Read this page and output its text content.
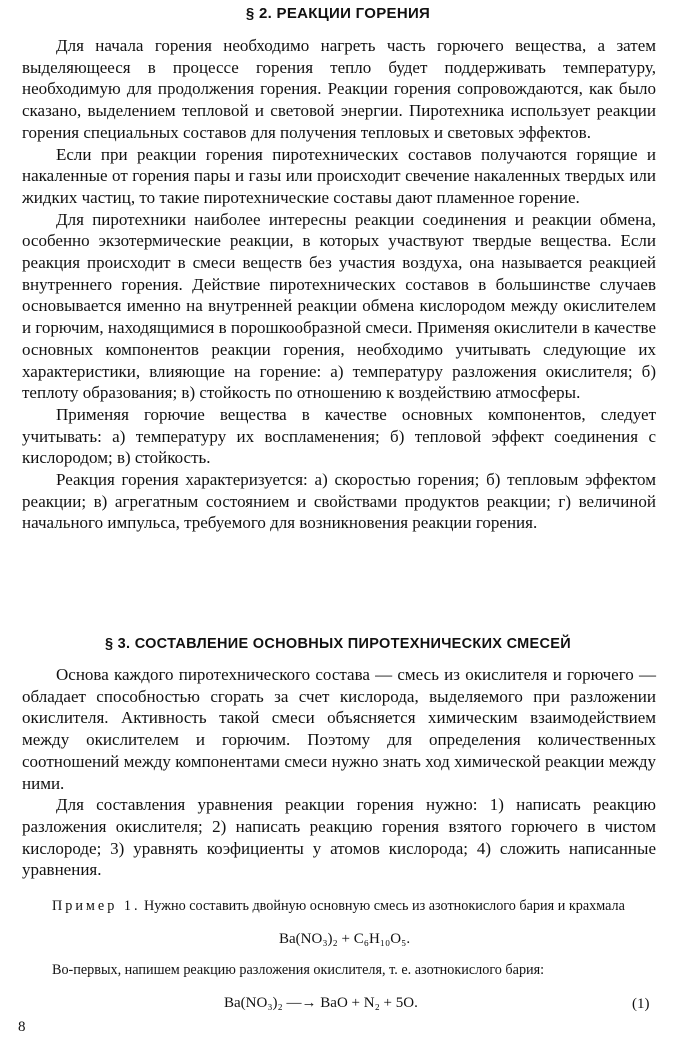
§ 2. РЕАКЦИИ ГОРЕНИЯ

Для начала горения необходимо нагреть часть горючего вещества, а затем выделяющееся в процессе горения тепло будет поддерживать температуру, необходимую для продолжения горения. Реакции горения сопровождаются, как было сказано, выделением тепловой и световой энергии. Пиротехника использует реакции горения специальных составов для получения тепловых и световых эффектов.

Если при реакции горения пиротехнических составов получаются горящие и накаленные от горения пары и газы или происходит свечение накаленных твердых или жидких частиц, то такие пиротехнические составы дают пламенное горение.

Для пиротехники наиболее интересны реакции соединения и реакции обмена, особенно экзотермические реакции, в которых участвуют твердые вещества. Если реакция происходит в смеси веществ без участия воздуха, она называется реакцией внутреннего горения. Действие пиротехнических составов в большинстве случаев основывается именно на внутренней реакции обмена кислородом между окислителем и горючим, находящимися в порошкообразной смеси. Применяя окислители в качестве основных компонентов реакции горения, необходимо учитывать следующие их характеристики, влияющие на горение: а) температуру разложения окислителя; б) теплоту образования; в) стойкость по отношению к воздействию атмосферы.

Применяя горючие вещества в качестве основных компонентов, следует учитывать: а) температуру их воспламенения; б) тепловой эффект соединения с кислородом; в) стойкость.

Реакция горения характеризуется: а) скоростью горения; б) тепловым эффектом реакции; в) агрегатным состоянием и свойствами продуктов реакции; г) величиной начального импульса, требуемого для возникновения реакции горения.

§ 3. СОСТАВЛЕНИЕ ОСНОВНЫХ ПИРОТЕХНИЧЕСКИХ СМЕСЕЙ

Основа каждого пиротехнического состава — смесь из окислителя и горючего — обладает способностью сгорать за счет кислорода, выделяемого при разложении окислителя. Активность такой смеси объясняется химическим взаимодействием между окислителем и горючим. Поэтому для определения количественных соотношений между компонентами смеси нужно знать ход химической реакции между ними.

Для составления уравнения реакции горения нужно: 1) написать реакцию разложения окислителя; 2) написать реакцию горения взятого горючего в чистом кислороде; 3) уравнять коэфициенты у атомов кислорода; 4) сложить написанные уравнения.

Пример 1. Нужно составить двойную основную смесь из азотнокислого бария и крахмала

Ba(NO₃)₂ + C₆H₁₀O₅.

Во-первых, напишем реакцию разложения окислителя, т. е. азотнокислого бария:

Ba(NO₃)₂ —→ BaO + N₂ + 5O.	(1)
8
